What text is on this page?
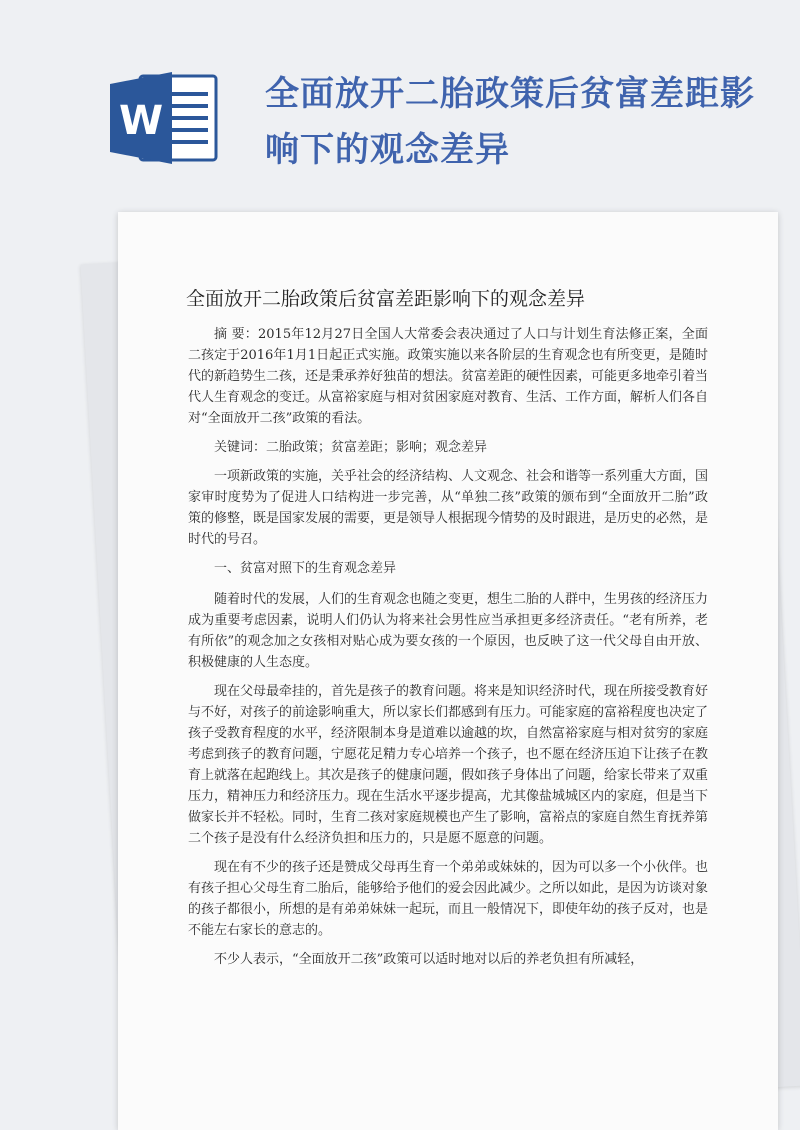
W
全面放开二胎政策后贫富差距影响下的观念差异
全面放开二胎政策后贫富差距影响下的观念差异

摘 要：2015年12月27日全国人大常委会表决通过了人口与计划生育法修正案，全面二孩定于2016年1月1日起正式实施。政策实施以来各阶层的生育观念也有所变更，是随时代的新趋势生二孩，还是秉承养好独苗的想法。贫富差距的硬性因素，可能更多地牵引着当代人生育观念的变迁。从富裕家庭与相对贫困家庭对教育、生活、工作方面，解析人们各自对“全面放开二孩”政策的看法。

关键词：二胎政策；贫富差距；影响；观念差异

一项新政策的实施，关乎社会的经济结构、人文观念、社会和谐等一系列重大方面，国家审时度势为了促进人口结构进一步完善，从“单独二孩”政策的颁布到“全面放开二胎”政策的修整，既是国家发展的需要，更是领导人根据现今情势的及时跟进，是历史的必然，是时代的号召。

一、贫富对照下的生育观念差异

随着时代的发展，人们的生育观念也随之变更，想生二胎的人群中，生男孩的经济压力成为重要考虑因素，说明人们仍认为将来社会男性应当承担更多经济责任。“老有所养，老有所依”的观念加之女孩相对贴心成为要女孩的一个原因，也反映了这一代父母自由开放、积极健康的人生态度。

现在父母最牵挂的，首先是孩子的教育问题。将来是知识经济时代，现在所接受教育好与不好，对孩子的前途影响重大，所以家长们都感到有压力。可能家庭的富裕程度也决定了孩子受教育程度的水平，经济限制本身是道难以逾越的坎，自然富裕家庭与相对贫穷的家庭考虑到孩子的教育问题，宁愿花足精力专心培养一个孩子，也不愿在经济压迫下让孩子在教育上就落在起跑线上。其次是孩子的健康问题，假如孩子身体出了问题，给家长带来了双重压力，精神压力和经济压力。现在生活水平逐步提高，尤其像盐城城区内的家庭，但是当下做家长并不轻松。同时，生育二孩对家庭规模也产生了影响，富裕点的家庭自然生育抚养第二个孩子是没有什么经济负担和压力的，只是愿不愿意的问题。

现在有不少的孩子还是赞成父母再生育一个弟弟或妹妹的，因为可以多一个小伙伴。也有孩子担心父母生育二胎后，能够给予他们的爱会因此减少。之所以如此，是因为访谈对象的孩子都很小，所想的是有弟弟妹妹一起玩，而且一般情况下，即使年幼的孩子反对，也是不能左右家长的意志的。

不少人表示，“全面放开二孩”政策可以适时地对以后的养老负担有所减轻，
